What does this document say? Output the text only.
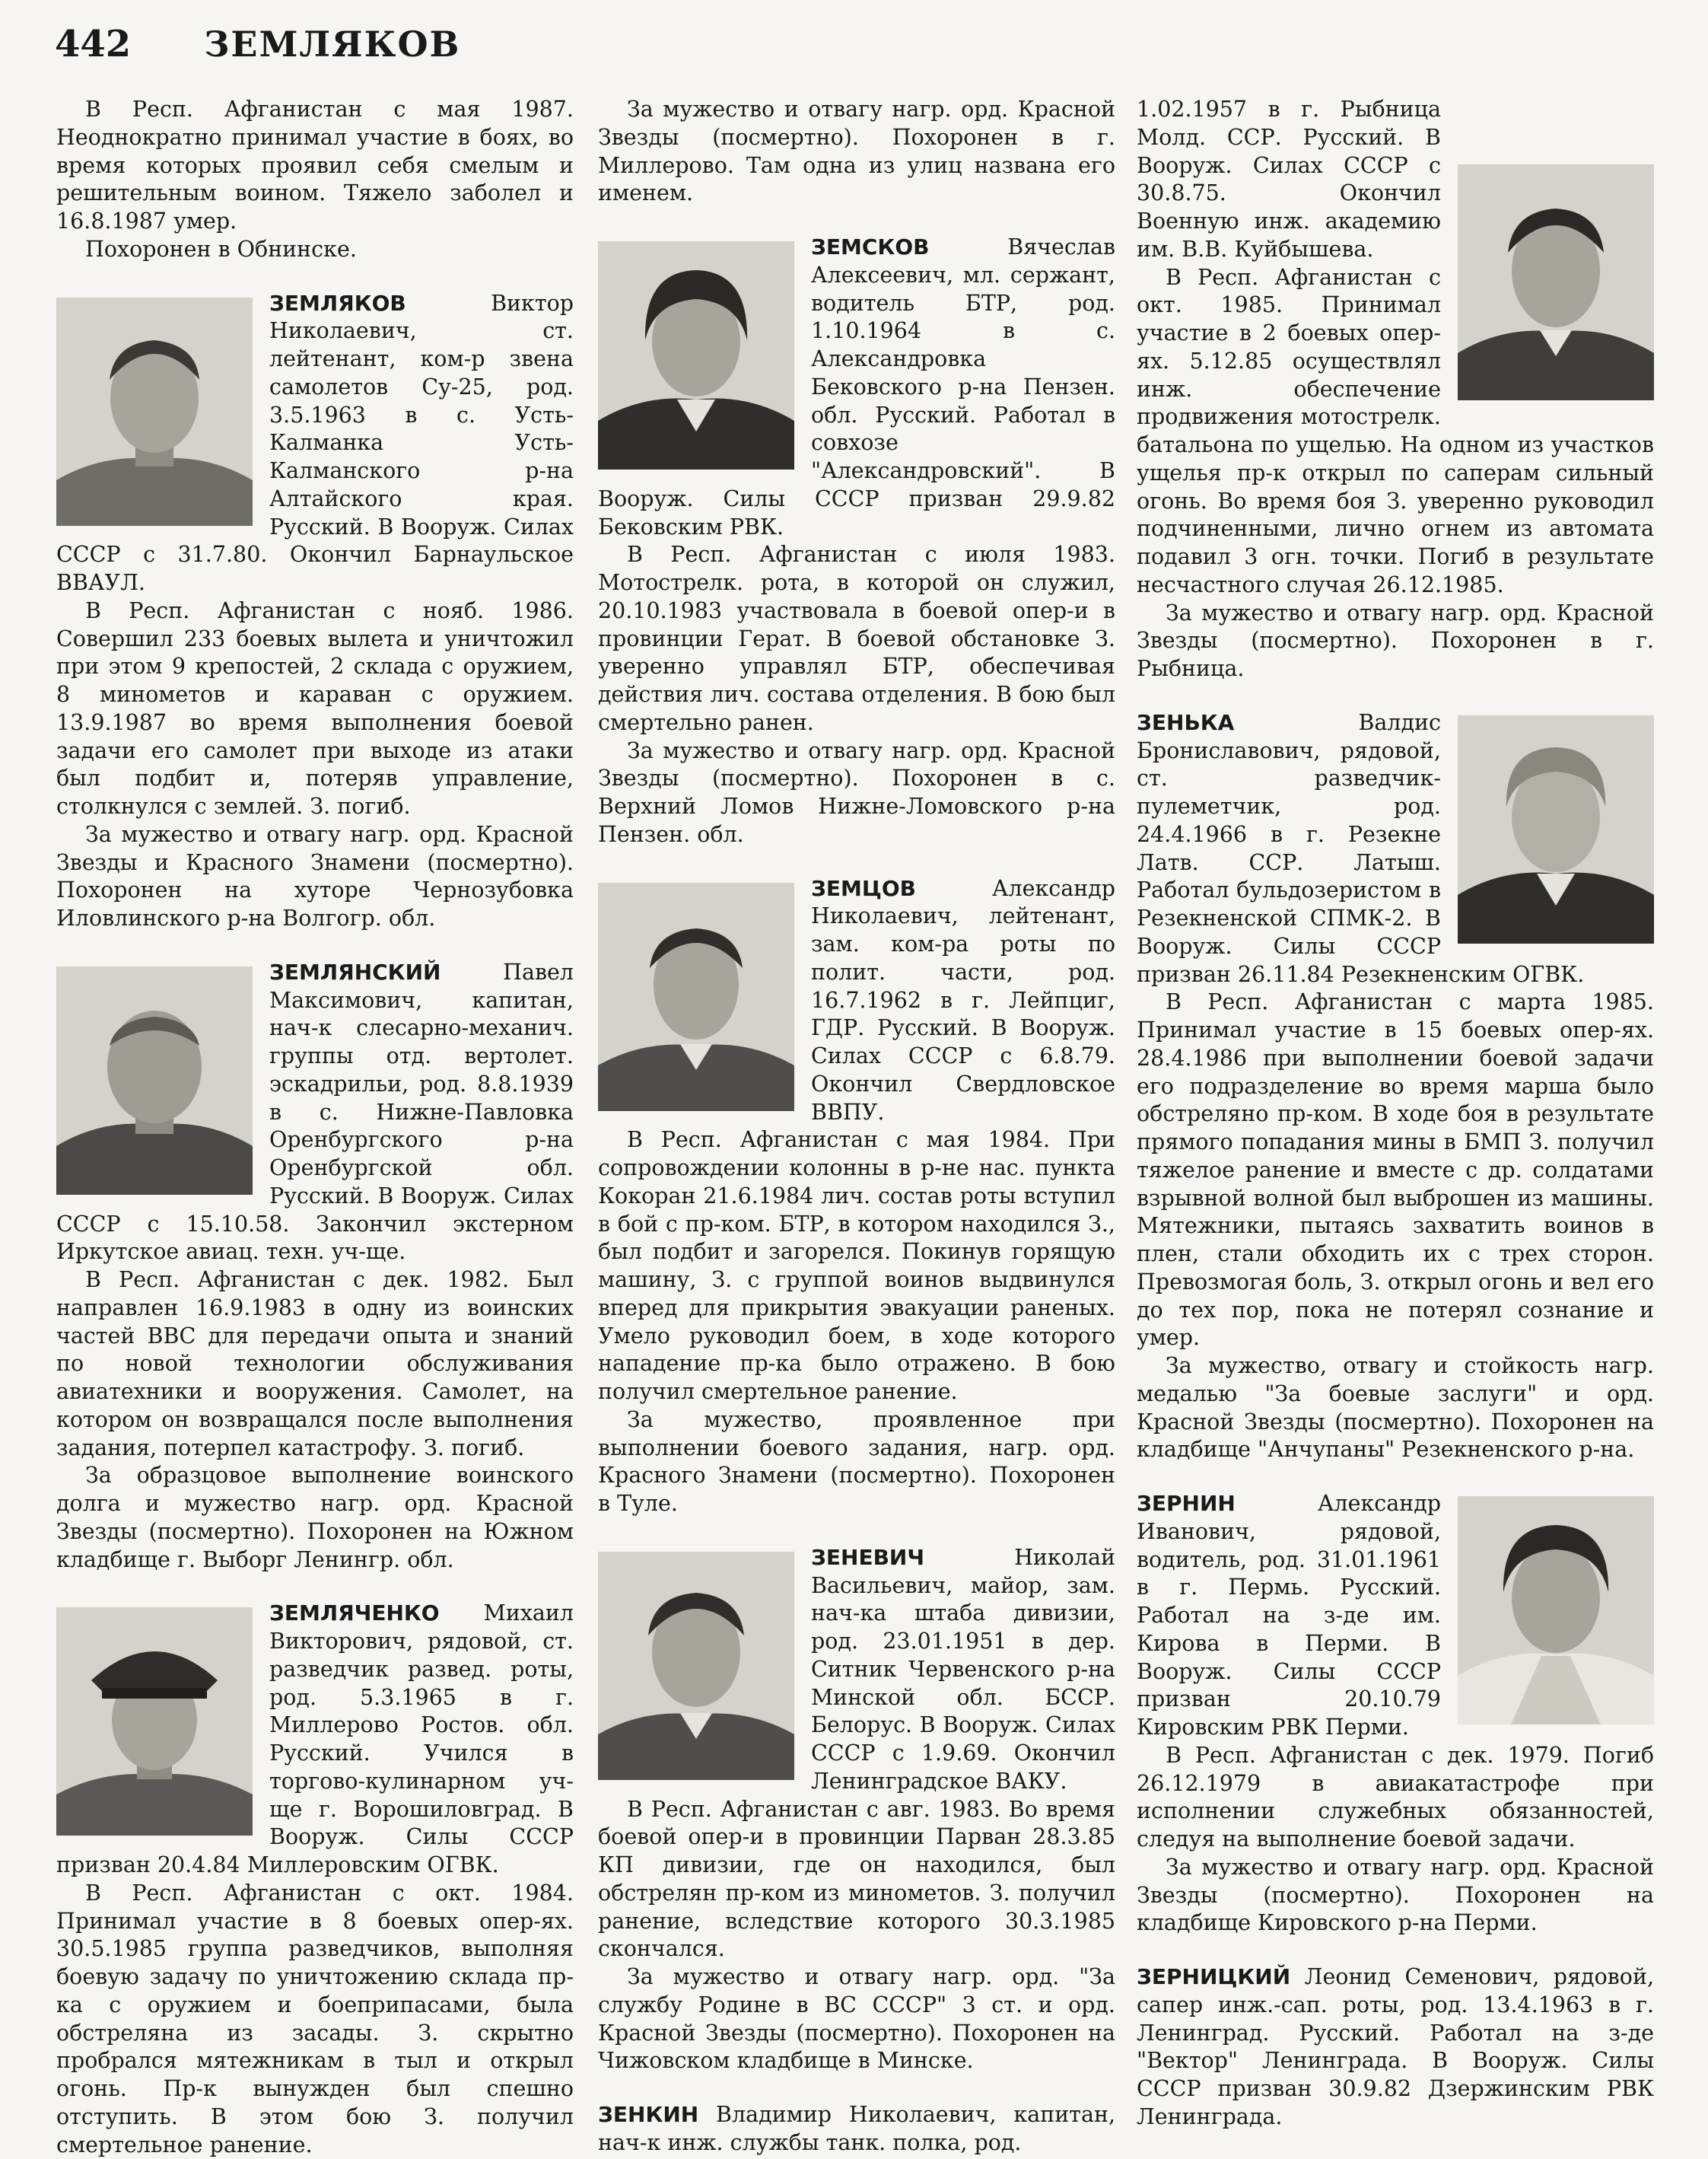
442 ЗЕМЛЯКОВ

В Респ. Афганистан с мая 1987. Неоднократно принимал участие в боях, во время которых проявил себя смелым и решительным воином. Тяжело заболел и 16.8.1987 умер.

Похоронен в Обнинске.

ЗЕМЛЯКОВ	Виктор Николаевич, ст. лейтенант, ком-р звена самолетов Су-25, род. 3.5.1963 в с. Усть-Калманка Усть-Калманского р-на Алтайского края. Русский. В Вооруж. Силах СССР с 31.7.80. Окончил Барнаульское ВВАУЛ.

В Респ. Афганистан с нояб. 1986. Совершил 233 боевых вылета и уничтожил при этом 9 крепостей, 2 склада с оружием, 8 минометов и караван с оружием. 13.9.1987 во время выполнения боевой задачи его самолет при выходе из атаки был подбит и, потеряв управление, столкнулся с землей. З. погиб.

За мужество и отвагу нагр. орд. Красной Звезды и Красного Знамени (посмертно). Похоронен на хуторе Чернозубовка Иловлинского р-на Волгогр. обл.

ЗЕМЛЯНСКИЙ	Павел Максимович, капитан, нач-к слесарно-механич. группы отд. вертолет. эскадрильи, род. 8.8.1939 в с. Нижне-Павловка Оренбургского р-на Оренбургской обл. Русский. В Вооруж. Силах СССР с 15.10.58. Закончил экстерном Иркутское авиац. техн. уч-ще.

В Респ. Афганистан с дек. 1982. Был направлен 16.9.1983 в одну из воинских частей ВВС для передачи опыта и знаний по новой технологии обслуживания авиатехники и вооружения. Самолет, на котором он возвращался после выполнения задания, потерпел катастрофу. З. погиб.

За образцовое выполнение воинского долга и мужество нагр. орд. Красной Звезды (посмертно). Похоронен на Южном кладбище г. Выборг Ленингр. обл.

ЗЕМЛЯЧЕНКО Михаил Викторович, рядовой, ст. разведчик развед. роты, род. 5.3.1965 в г. Миллерово Ростов. обл. Русский. Учился в торгово-кулинарном уч-ще г. Ворошиловград. В Вооруж. Силы СССР призван 20.4.84 Миллеровским ОГВК.

В Респ. Афганистан с окт. 1984. Принимал участие в 8 боевых опер-ях. 30.5.1985 группа разведчиков, выполняя боевую задачу по уничтожению склада пр-ка с оружием и боеприпасами, была обстреляна из засады. З. скрытно пробрался мятежникам в тыл и открыл огонь. Пр-к вынужден был спешно отступить. В этом бою З. получил смертельное ранение.

За мужество и отвагу нагр. орд. Красной Звезды (посмертно). Похоронен в г. Миллерово. Там одна из улиц названа его именем.

ЗЕМСКОВ	Вячеслав Алексеевич, мл. сержант, водитель БТР, род. 1.10.1964 в с. Александровка Бековского р-на Пензен. обл. Русский. Работал в совхозе "Александровский". В Вооруж. Силы СССР призван 29.9.82 Бековским РВК.

В Респ. Афганистан с июля 1983. Мотострелк. рота, в которой он служил, 20.10.1983 участвовала в боевой опер-и в провинции Герат. В боевой обстановке З. уверенно управлял БТР, обеспечивая действия лич. состава отделения. В бою был смертельно ранен.

За мужество и отвагу нагр. орд. Красной Звезды (посмертно). Похоронен в с. Верхний Ломов Нижне-Ломовского р-на Пензен. обл.

ЗЕМЦОВ	Александр Николаевич, лейтенант, зам. ком-ра роты по полит. части, род. 16.7.1962 в г. Лейпциг, ГДР. Русский. В Вооруж. Силах СССР с 6.8.79. Окончил Свердловское ВВПУ.

В Респ. Афганистан с мая 1984. При сопровождении колонны в р-не нас. пункта Кокоран 21.6.1984 лич. состав роты вступил в бой с пр-ком. БТР, в котором находился З., был подбит и загорелся. Покинув горящую машину, З. с группой воинов выдвинулся вперед для прикрытия эвакуации раненых. Умело руководил боем, в ходе которого нападение пр-ка было отражено. В бою получил смертельное ранение.

За мужество, проявленное при выполнении боевого задания, нагр. орд. Красного Знамени (посмертно). Похоронен в Туле.

ЗЕНЕВИЧ	Николай Васильевич, майор, зам. нач-ка штаба дивизии, род. 23.01.1951 в дер. Ситник Червенского р-на Минской обл. БССР. Белорус. В Вооруж. Силах СССР с 1.9.69. Окончил Ленинградское ВАКУ.

В Респ. Афганистан с авг. 1983. Во время боевой опер-и в провинции Парван 28.3.85 КП дивизии, где он находился, был обстрелян пр-ком из минометов. З. получил ранение, вследствие которого 30.3.1985 скончался.

За мужество и отвагу нагр. орд. "За службу Родине в ВС СССР" 3 ст. и орд. Красной Звезды (посмертно). Похоронен на Чижовском кладбище в Минске.

ЗЕНКИН Владимир Николаевич, капитан, нач-к инж. службы танк. полка, род.

1.02.1957 в г. Рыбница Молд. ССР. Русский. В Вооруж. Силах СССР с 30.8.75. Окончил Военную инж. академию им. В.В. Куйбышева.

В Респ. Афганистан с окт. 1985. Принимал участие в 2 боевых опер-ях. 5.12.85 осуществлял инж. обеспечение продвижения мотострелк. батальона по ущелью. На одном из участков ущелья пр-к открыл по саперам сильный огонь. Во время боя З. уверенно руководил подчиненными, лично огнем из автомата подавил 3 огн. точки. Погиб в результате несчастного случая 26.12.1985.

За мужество и отвагу нагр. орд. Красной Звезды (посмертно). Похоронен в г. Рыбница.

ЗЕНЬКА	Валдис Брониславович, рядовой, ст. разведчик-пулеметчик, род. 24.4.1966 в г. Резекне Латв. ССР. Латыш. Работал бульдозеристом в Резекненской СПМК-2. В Вооруж. Силы СССР призван 26.11.84 Резекненским ОГВК.

В Респ. Афганистан с марта 1985. Принимал участие в 15 боевых опер-ях. 28.4.1986 при выполнении боевой задачи его подразделение во время марша было обстреляно пр-ком. В ходе боя в результате прямого попадания мины в БМП З. получил тяжелое ранение и вместе с др. солдатами взрывной волной был выброшен из машины. Мятежники, пытаясь захватить воинов в плен, стали обходить их с трех сторон. Превозмогая боль, З. открыл огонь и вел его до тех пор, пока не потерял сознание и умер.

За мужество, отвагу и стойкость нагр. медалью "За боевые заслуги" и орд. Красной Звезды (посмертно). Похоронен на кладбище "Анчупаны" Резекненского р-на.

ЗЕРНИН	Александр Иванович, рядовой, водитель, род. 31.01.1961 в г. Пермь. Русский. Работал на з-де им. Кирова в Перми. В Вооруж. Силы СССР призван 20.10.79 Кировским РВК Перми.

В Респ. Афганистан с дек. 1979. Погиб 26.12.1979 в авиакатастрофе при исполнении служебных обязанностей, следуя на выполнение боевой задачи.

За мужество и отвагу нагр. орд. Красной Звезды (посмертно). Похоронен на кладбище Кировского р-на Перми.

ЗЕРНИЦКИЙ Леонид Семенович, рядовой, сапер инж.-сап. роты, род. 13.4.1963 в г. Ленинград. Русский. Работал на з-де "Вектор" Ленинграда. В Вооруж. Силы СССР призван 30.9.82 Дзержинским РВК Ленинграда.
